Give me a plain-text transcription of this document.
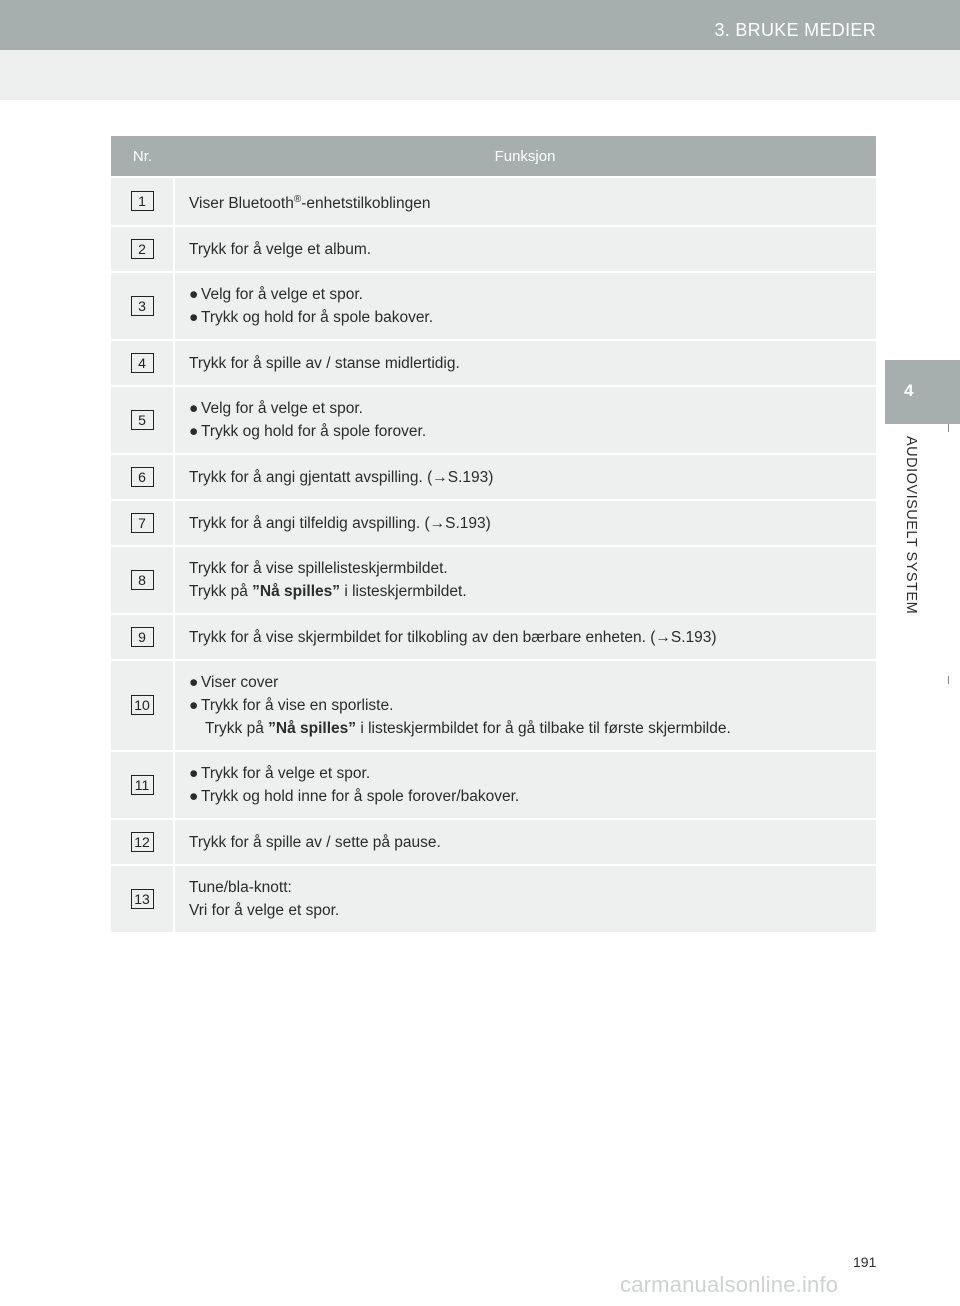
3. BRUKE MEDIER
4
AUDIOVISUELT SYSTEM
Nr.	Funksjon
1	Viser Bluetooth®-enhetstilkoblingen
2	Trykk for å velge et album.
3	● Velg for å velge et spor.
● Trykk og hold for å spole bakover.

4	Trykk for å spille av / stanse midlertidig.
5	● Velg for å velge et spor.
● Trykk og hold for å spole forover.

6	Trykk for å angi gjentatt avspilling. (→S.193)
7	Trykk for å angi tilfeldig avspilling. (→S.193)
8	Trykk for å vise spillelisteskjermbildet.
Trykk på ”Nå spilles” i listeskjermbildet.

9	Trykk for å vise skjermbildet for tilkobling av den bærbare enheten. (→S.193)
10	● Viser cover
● Trykk for å vise en sporliste.
Trykk på ”Nå spilles” i listeskjermbildet for å gå tilbake til første skjermbilde.

11	● Trykk for å velge et spor.
● Trykk og hold inne for å spole forover/bakover.

12	Trykk for å spille av / sette på pause.
13	Tune/bla-knott:
Vri for å velge et spor.
191
carmanualsonline.info
